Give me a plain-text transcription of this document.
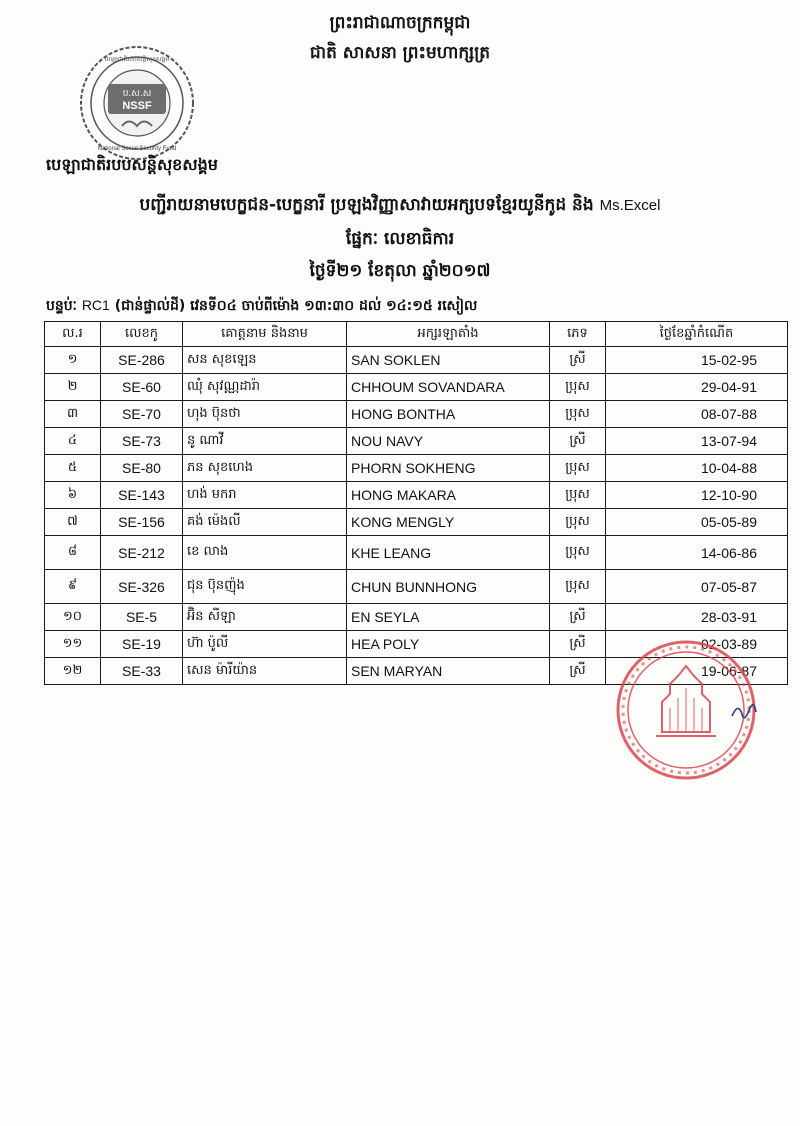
ព្រះរាជាណាចក្រកម្ពុជា
ជាតិ សាសនា ព្រះមហាក្សត្រ
ប.ស.ស
NSSF
National Social Security Fund
បេឡាជាតិរបបសន្តិសុខសង្គម
បេឡាជាតិរបបសន្តិសុខសង្គម
បញ្ជីរាយនាមបេក្ខជន-បេក្ខនារី ប្រឡងវិញ្ញាសាវាយអក្សបទខ្មែរយូនីកូដ និង Ms.Excel
ផ្នែកៈ លេខាធិការ
ថ្ងៃទី២១ ខែតុលា ឆ្នាំ២០១៧
បន្ទប់ៈ RC1 (ជាន់ផ្ទាល់ដី) វេនទី០៤ ចាប់ពីម៉ោង ១៣:៣០ ដល់ ១៤:១៥ រសៀល
ល.រ	លេខកូ	គោត្តនាម និងនាម	អក្សរឡាតាំង	ភេទ	ថ្ងៃខែឆ្នាំកំណើត
១	SE-286	សន សុខឡេន	SAN SOKLEN	ស្រី	15-02-95
២	SE-60	ឈុំ សុវណ្ណដារ៉ា	CHHOUM SOVANDARA	ប្រុស	29-04-91
៣	SE-70	ហុង ប៊ុនថា	HONG BONTHA	ប្រុស	08-07-88
៤	SE-73	នូ ណាវី	NOU NAVY	ស្រី	13-07-94
៥	SE-80	ភន សុខហេង	PHORN SOKHENG	ប្រុស	10-04-88
៦	SE-143	ហង់ មករា	HONG MAKARA	ប្រុស	12-10-90
៧	SE-156	គង់ ម៉េងលី	KONG MENGLY	ប្រុស	05-05-89
៨	SE-212	ខេ លាង	KHE LEANG	ប្រុស	14-06-86
៩	SE-326	ជុន ប៊ុនញ៉ុង	CHUN BUNNHONG	ប្រុស	07-05-87
១០	SE-5	អ៊ិន សីឡា	EN SEYLA	ស្រី	28-03-91
១១	SE-19	ហ៊ា ប៉ូលី	HEA POLY	ស្រី	02-03-89
១២	SE-33	សេន ម៉ារីយ៉ាន	SEN MARYAN	ស្រី	19-06-87
